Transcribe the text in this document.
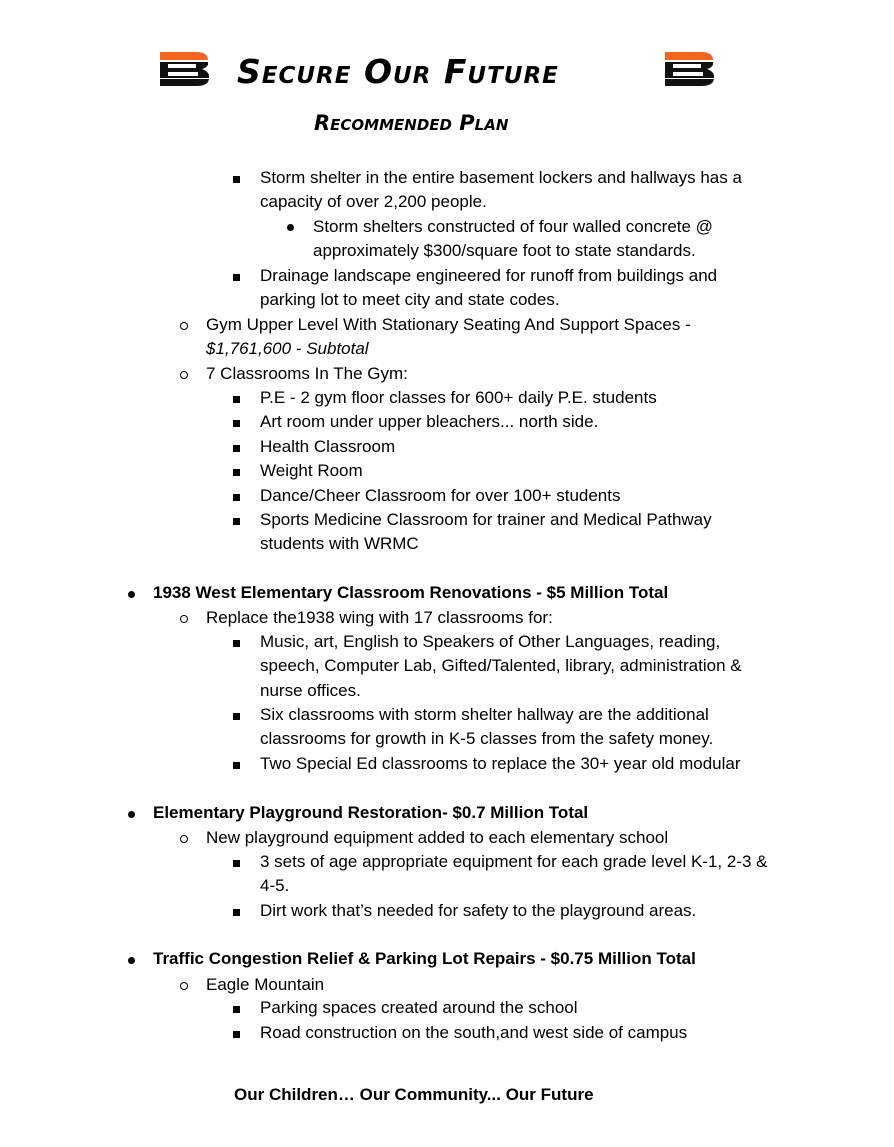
Secure Our Future
Recommended Plan
Storm shelter in the entire basement lockers and hallways has a
capacity of over 2,200 people.
Storm shelters constructed of four walled concrete @
approximately $300/square foot to state standards.
Drainage landscape engineered for runoff from buildings and
parking lot to meet city and state codes.
Gym Upper Level With Stationary Seating And Support Spaces -
$1,761,600 - Subtotal
7 Classrooms In The Gym:
P.E - 2 gym floor classes for 600+ daily P.E. students
Art room under upper bleachers... north side.
Health Classroom
Weight Room
Dance/Cheer Classroom for over 100+ students
Sports Medicine Classroom for trainer and Medical Pathway
students with WRMC
1938 West Elementary Classroom Renovations - $5 Million Total
Replace the1938 wing with 17 classrooms for:
Music, art, English to Speakers of Other Languages, reading,
speech, Computer Lab, Gifted/Talented, library, administration &
nurse offices.
Six classrooms with storm shelter hallway are the additional
classrooms for growth in K-5 classes from the safety money.
Two Special Ed classrooms to replace the 30+ year old modular
Elementary Playground Restoration- $0.7 Million Total
New playground equipment added to each elementary school
3 sets of age appropriate equipment for each grade level K-1, 2-3 &
4-5.
Dirt work that’s needed for safety to the playground areas.
Traffic Congestion Relief & Parking Lot Repairs - $0.75 Million Total
Eagle Mountain
Parking spaces created around the school
Road construction on the south,and west side of campus
Our Children… Our Community... Our Future
